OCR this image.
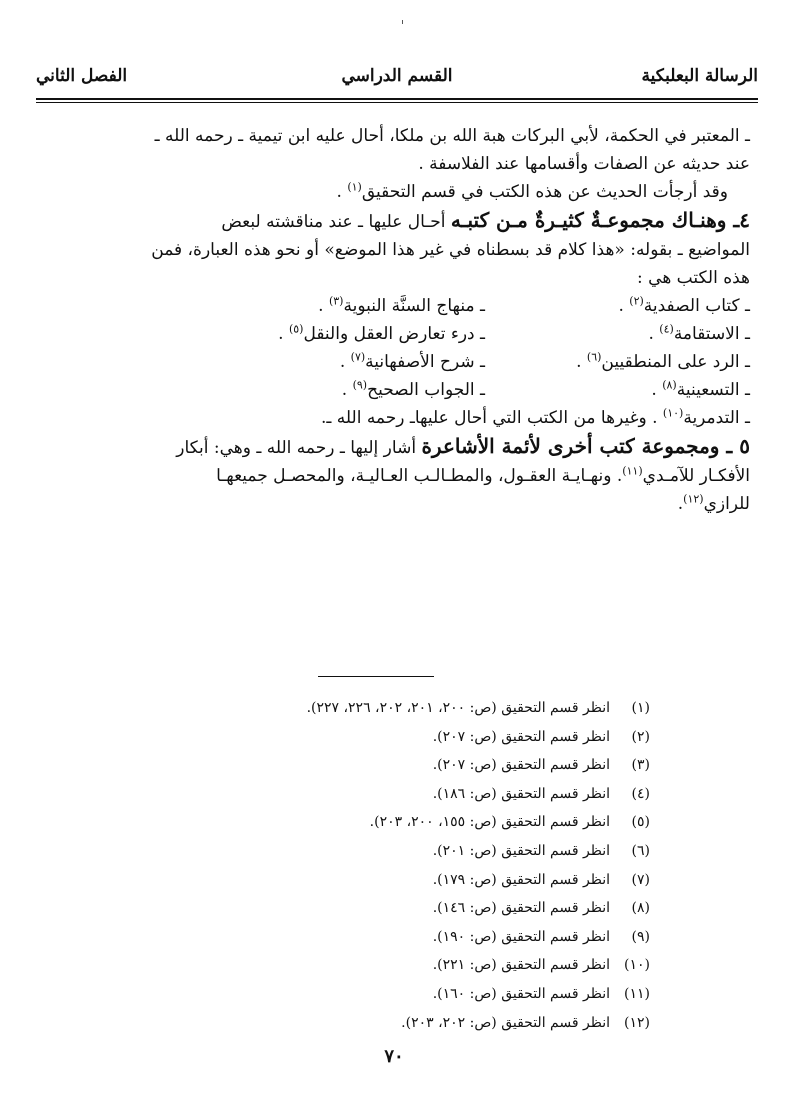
الرسالة البعلبكية
القسم الدراسي
الفصل الثاني

ـ المعتبر في الحكمة، لأبي البركات هبة الله بن ملكا، أحال عليه ابن تيمية ـ رحمه الله ـ

عند حديثه عن الصفات وأقسامها عند الفلاسفة .

وقد أرجأت الحديث عن هذه الكتب في قسم التحقيق$^{(١)}$ .

٤ـ وهنـاك مجموعـةٌ كثيـرةٌ مـن كتبـه أحـال عليها ـ عند مناقشته لبعض

المواضيع ـ بقوله: «هذا كلام قد بسطناه في غير هذا الموضع» أو نحو هذه العبارة، فمن

هذه الكتب هي :

ـ كتاب الصفدية$^{(٢)}$ .
ـ منهاج السنَّة النبوية$^{(٣)}$ .
ـ الاستقامة$^{(٤)}$ .
ـ درء تعارض العقل والنقل$^{(٥)}$ .
ـ الرد على المنطقيين$^{(٦)}$ .
ـ شرح الأصفهانية$^{(٧)}$ .
ـ التسعينية$^{(٨)}$ .
ـ الجواب الصحيح$^{(٩)}$ .

ـ التدمرية$^{(١٠)}$ . وغيرها من الكتب التي أحال عليهاـ رحمه الله ـ.

٥ ـ ومجموعة كتب أخرى لأئمة الأشاعرة أشار إليها ـ رحمه الله ـ وهي: أبكار

الأفكـار للآمـدي$^{(١١)}$. ونهـايـة العقـول، والمطـالـب العـاليـة، والمحصـل جميعهـا

للرازي$^{(١٢)}$.

(١)انظر قسم التحقيق (ص: ٢٠٠، ٢٠١، ٢٠٢، ٢٢٦، ٢٢٧).
(٢)انظر قسم التحقيق (ص: ٢٠٧).
(٣)انظر قسم التحقيق (ص: ٢٠٧).
(٤)انظر قسم التحقيق (ص: ١٨٦).
(٥)انظر قسم التحقيق (ص: ١٥٥، ٢٠٠، ٢٠٣).
(٦)انظر قسم التحقيق (ص: ٢٠١).
(٧)انظر قسم التحقيق (ص: ١٧٩).
(٨)انظر قسم التحقيق (ص: ١٤٦).
(٩)انظر قسم التحقيق (ص: ١٩٠).
(١٠)انظر قسم التحقيق (ص: ٢٢١).
(١١)انظر قسم التحقيق (ص: ١٦٠).
(١٢)انظر قسم التحقيق (ص: ٢٠٢، ٢٠٣).
٧٠
